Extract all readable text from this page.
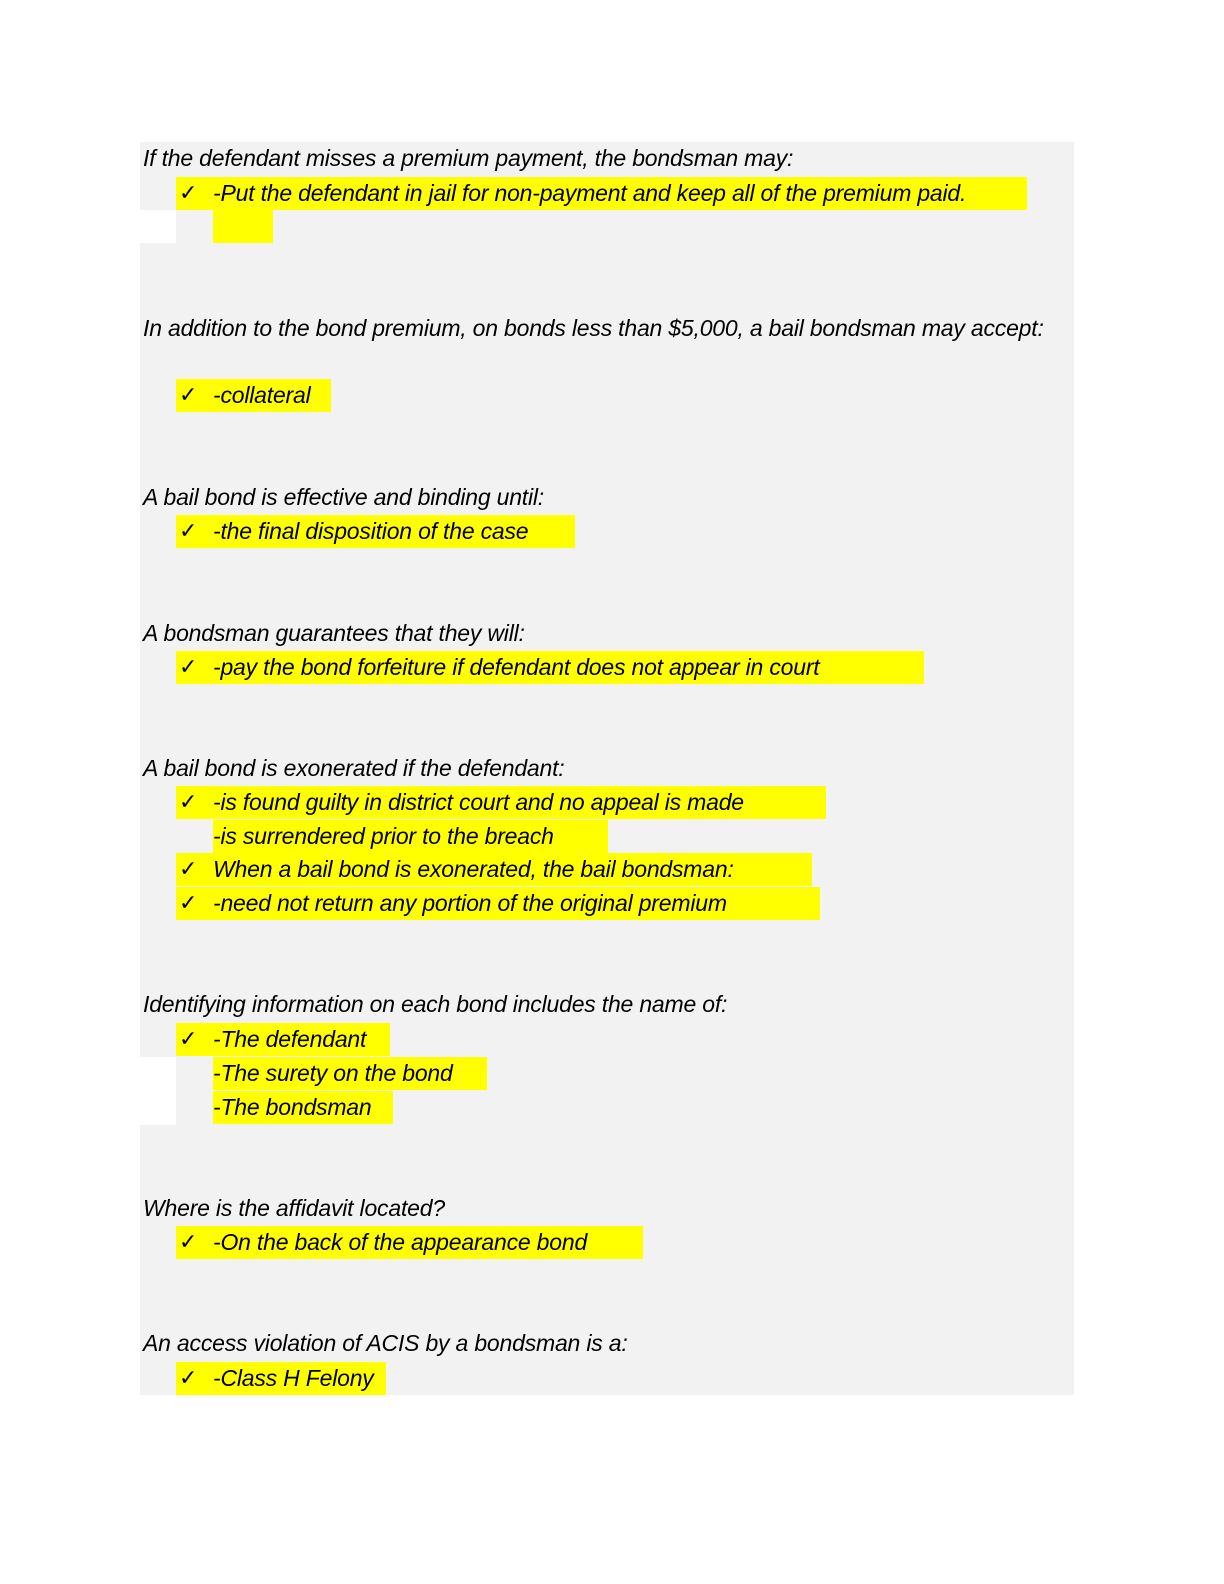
If the defendant misses a premium payment, the bondsman may:
✓ -Put the defendant in jail for non-payment and keep all of the premium paid.
In addition to the bond premium, on bonds less than $5,000, a bail bondsman may accept:
✓ -collateral
A bail bond is effective and binding until:
✓ -the final disposition of the case
A bondsman guarantees that they will:
✓ -pay the bond forfeiture if defendant does not appear in court
A bail bond is exonerated if the defendant:
✓ -is found guilty in district court and no appeal is made
-is surrendered prior to the breach
✓ When a bail bond is exonerated, the bail bondsman:
✓ -need not return any portion of the original premium
Identifying information on each bond includes the name of:
✓ -The defendant
-The surety on the bond
-The bondsman
Where is the affidavit located?
✓ -On the back of the appearance bond
An access violation of ACIS by a bondsman is a:
✓ -Class H Felony
